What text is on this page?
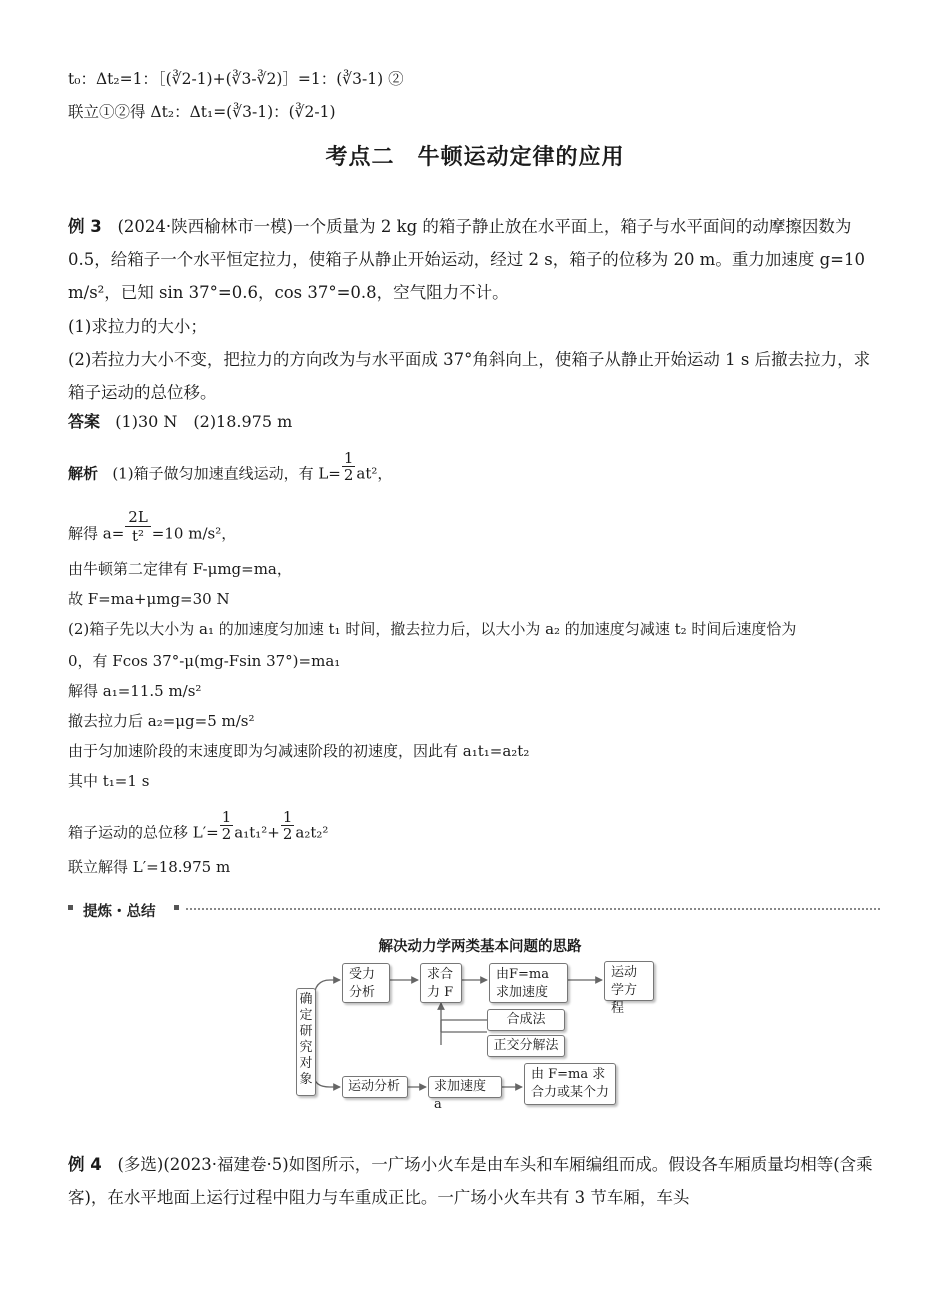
t₀：Δt₂=1：［(∛2-1)+(∛3-∛2)］=1：(∛3-1) ②
联立①②得 Δt₂：Δt₁=(∛3-1)：(∛2-1)
考点二　牛顿运动定律的应用
例 3 (2024·陕西榆林市一模)一个质量为 2 kg 的箱子静止放在水平面上，箱子与水平面间的动摩擦因数为 0.5，给箱子一个水平恒定拉力，使箱子从静止开始运动，经过 2 s，箱子的位移为 20 m。重力加速度 g=10 m/s²，已知 sin 37°=0.6，cos 37°=0.8，空气阻力不计。
(1)求拉力的大小；
(2)若拉力大小不变，把拉力的方向改为与水平面成 37°角斜向上，使箱子从静止开始运动 1 s 后撤去拉力，求箱子运动的总位移。
答案 (1)30 N　(2)18.975 m
解析 (1)箱子做匀加速直线运动，有 $L= \frac{1}{2} at^2$，
解得 $a= \frac{2L}{\text{t²}} =10$ m/s²，
由牛顿第二定律有 F-μmg=ma，
故 F=ma+μmg=30 N
(2)箱子先以大小为 a₁ 的加速度匀加速 t₁ 时间，撤去拉力后，以大小为 a₂ 的加速度匀减速 t₂ 时间后速度恰为
0，有 Fcos 37°-μ(mg-Fsin 37°)=ma₁
解得 a₁=11.5 m/s²
撤去拉力后 a₂=μg=5 m/s²
由于匀加速阶段的末速度即为匀减速阶段的初速度，因此有 a₁t₁=a₂t₂
其中 t₁=1 s
箱子运动的总位移 $L'= \frac{1}{2} a_1t_1^2+ \frac{1}{2} a_2t_2^2$
联立解得 L′=18.975 m
提炼・总结
解决动力学两类基本问题的思路
确定研究对象
受力分析
求合力 F
由F=ma求加速度
运动学方程
合成法
正交分解法
运动分析	求加速度 a
由 F=ma 求合力或某个力
例 4 (多选)(2023·福建卷·5)如图所示，一广场小火车是由车头和车厢编组而成。假设各车厢质量均相等(含乘客)，在水平地面上运行过程中阻力与车重成正比。一广场小火车共有 3 节车厢，车头
